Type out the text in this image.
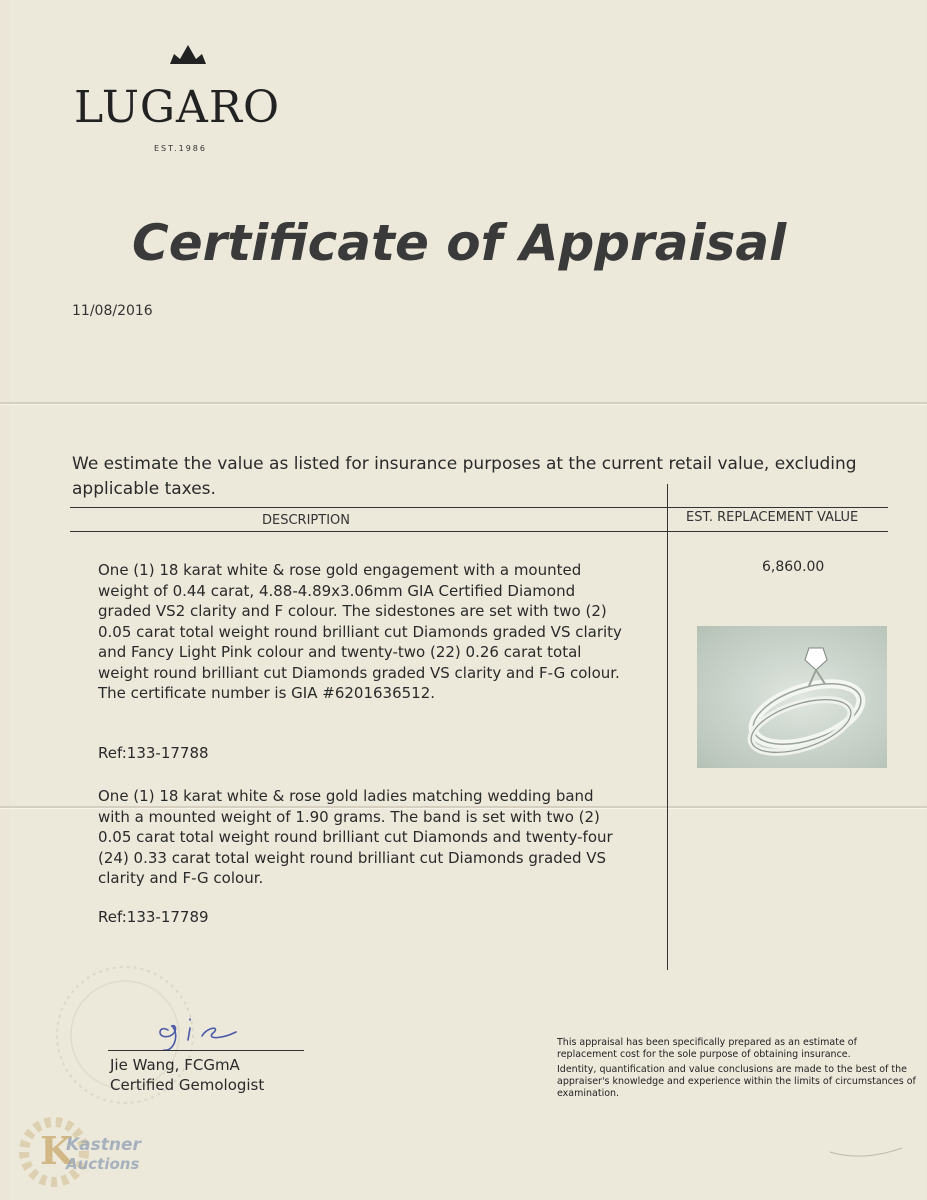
LUGARO
EST.1986
Certificate of Appraisal
11/08/2016
We estimate the value as listed for insurance purposes at the current retail value, excluding applicable taxes.
DESCRIPTION	EST. REPLACEMENT VALUE
One (1) 18 karat white & rose gold engagement with a mounted weight of 0.44 carat, 4.88-4.89x3.06mm GIA Certified Diamond graded VS2 clarity and F colour. The sidestones are set with two (2) 0.05 carat total weight round brilliant cut Diamonds graded VS clarity and Fancy Light Pink colour and twenty-two (22) 0.26 carat total weight round brilliant cut Diamonds graded VS clarity and F-G colour. The certificate number is GIA #6201636512.
Ref:133-17788
6,860.00
One (1) 18 karat white & rose gold ladies matching wedding band with a mounted weight of 1.90 grams. The band is set with two (2) 0.05 carat total weight round brilliant cut Diamonds and twenty-four (24) 0.33 carat total weight round brilliant cut Diamonds graded VS clarity and F-G colour.
Ref:133-17789
Jie Wang, FCGmA
Certified Gemologist

This appraisal has been specifically prepared as an estimate of replacement cost for the sole purpose of obtaining insurance.

Identity, quantification and value conclusions are made to the best of the appraiser's knowledge and experience within the limits of circumstances of examination.

K
Kastner
Auctions
